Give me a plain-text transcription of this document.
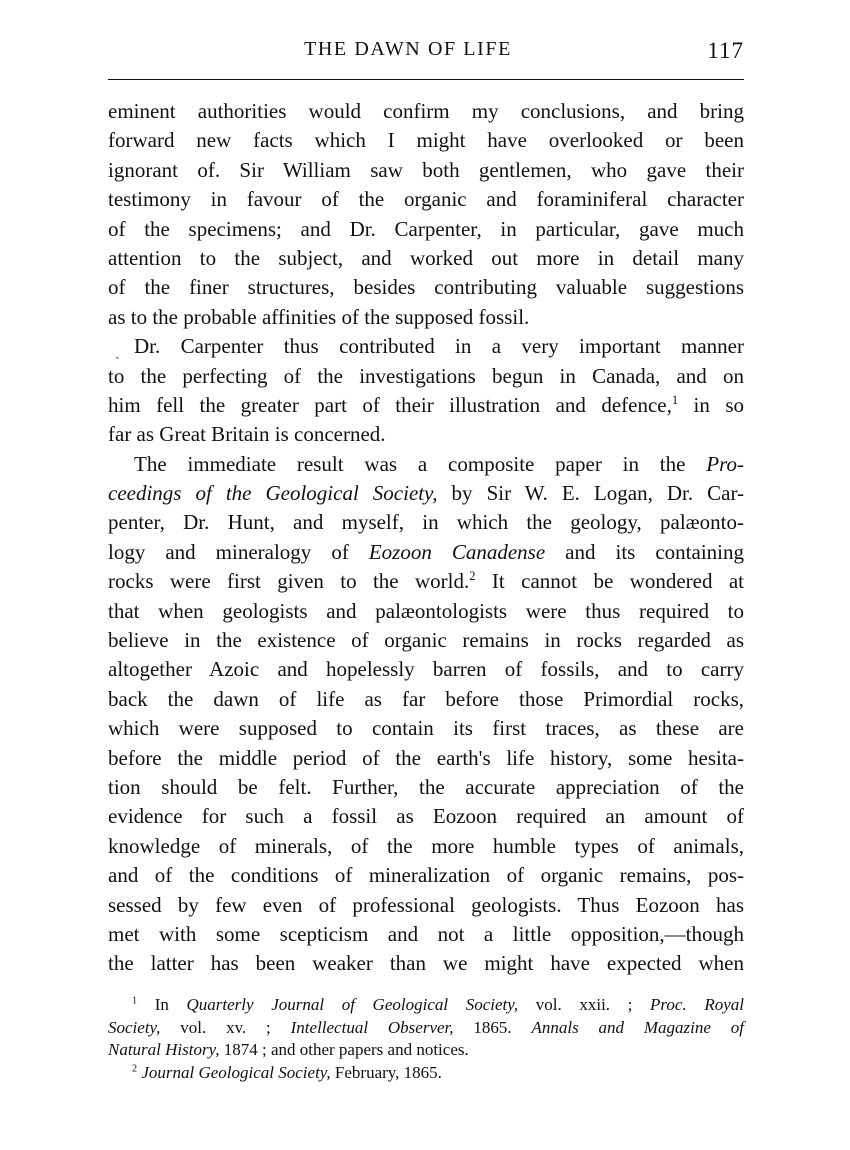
THE DAWN OF LIFE	117
ˎ
eminent authorities would confirm my conclusions, and bring
forward new facts which I might have overlooked or been
ignorant of. Sir William saw both gentlemen, who gave their
testimony in favour of the organic and foraminiferal character
of the specimens; and Dr. Carpenter, in particular, gave much
attention to the subject, and worked out more in detail many
of the finer structures, besides contributing valuable suggestions
as to the probable affinities of the supposed fossil.
Dr. Carpenter thus contributed in a very important manner
to the perfecting of the investigations begun in Canada, and on
him fell the greater part of their illustration and defence,$^1$ in so
far as Great Britain is concerned.
The immediate result was a composite paper in the Pro-
ceedings of the Geological Society, by Sir W. E. Logan, Dr. Car-
penter, Dr. Hunt, and myself, in which the geology, palæonto-
logy and mineralogy of Eozoon Canadense and its containing
rocks were first given to the world.$^2$ It cannot be wondered at
that when geologists and palæontologists were thus required to
believe in the existence of organic remains in rocks regarded as
altogether Azoic and hopelessly barren of fossils, and to carry
back the dawn of life as far before those Primordial rocks,
which were supposed to contain its first traces, as these are
before the middle period of the earth's life history, some hesita-
tion should be felt. Further, the accurate appreciation of the
evidence for such a fossil as Eozoon required an amount of
knowledge of minerals, of the more humble types of animals,
and of the conditions of mineralization of organic remains, pos-
sessed by few even of professional geologists. Thus Eozoon has
met with some scepticism and not a little opposition,—though
the latter has been weaker than we might have expected when
$^1$ In Quarterly Journal of Geological Society, vol. xxii. ; Proc. Royal
Society, vol. xv. ; Intellectual Observer, 1865. Annals and Magazine of
Natural History, 1874 ; and other papers and notices.
$^2$ Journal Geological Society, February, 1865.
